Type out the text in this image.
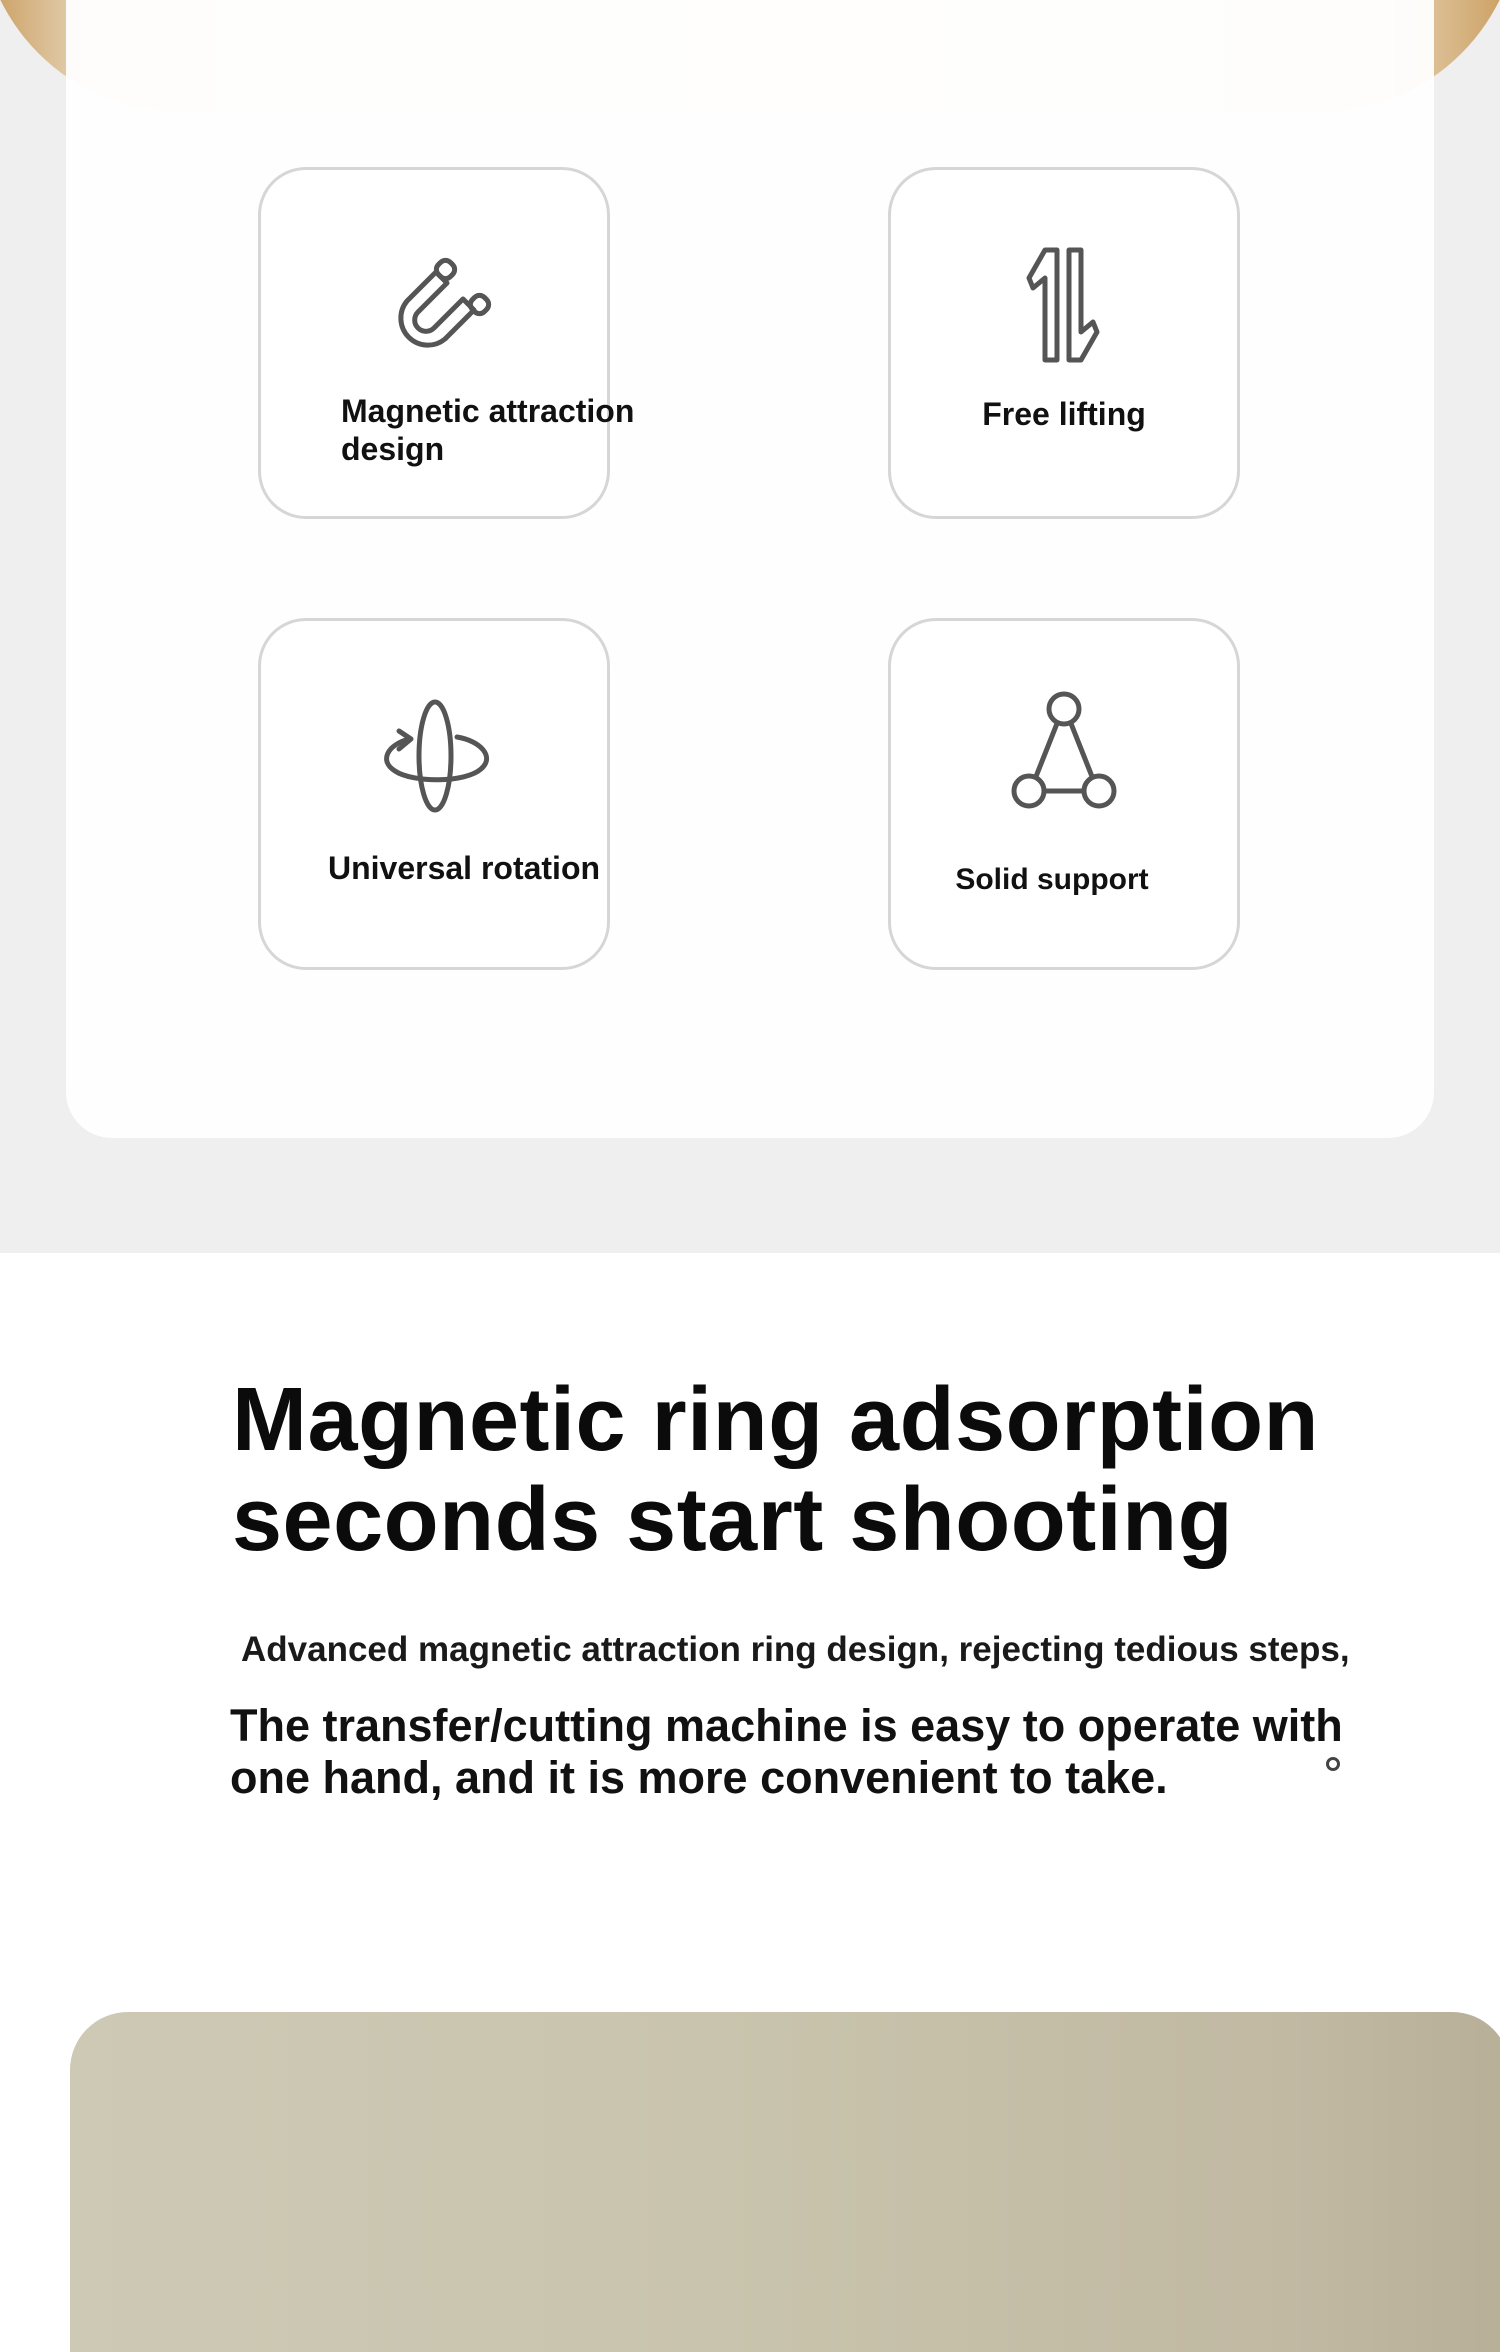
Magnetic attraction design
Free lifting
Universal rotation	Solid support
Magnetic ring adsorption
seconds start shooting
Advanced magnetic attraction ring design, rejecting tedious steps,
The transfer/cutting machine is easy to operate with one hand, and it is more convenient to take.
